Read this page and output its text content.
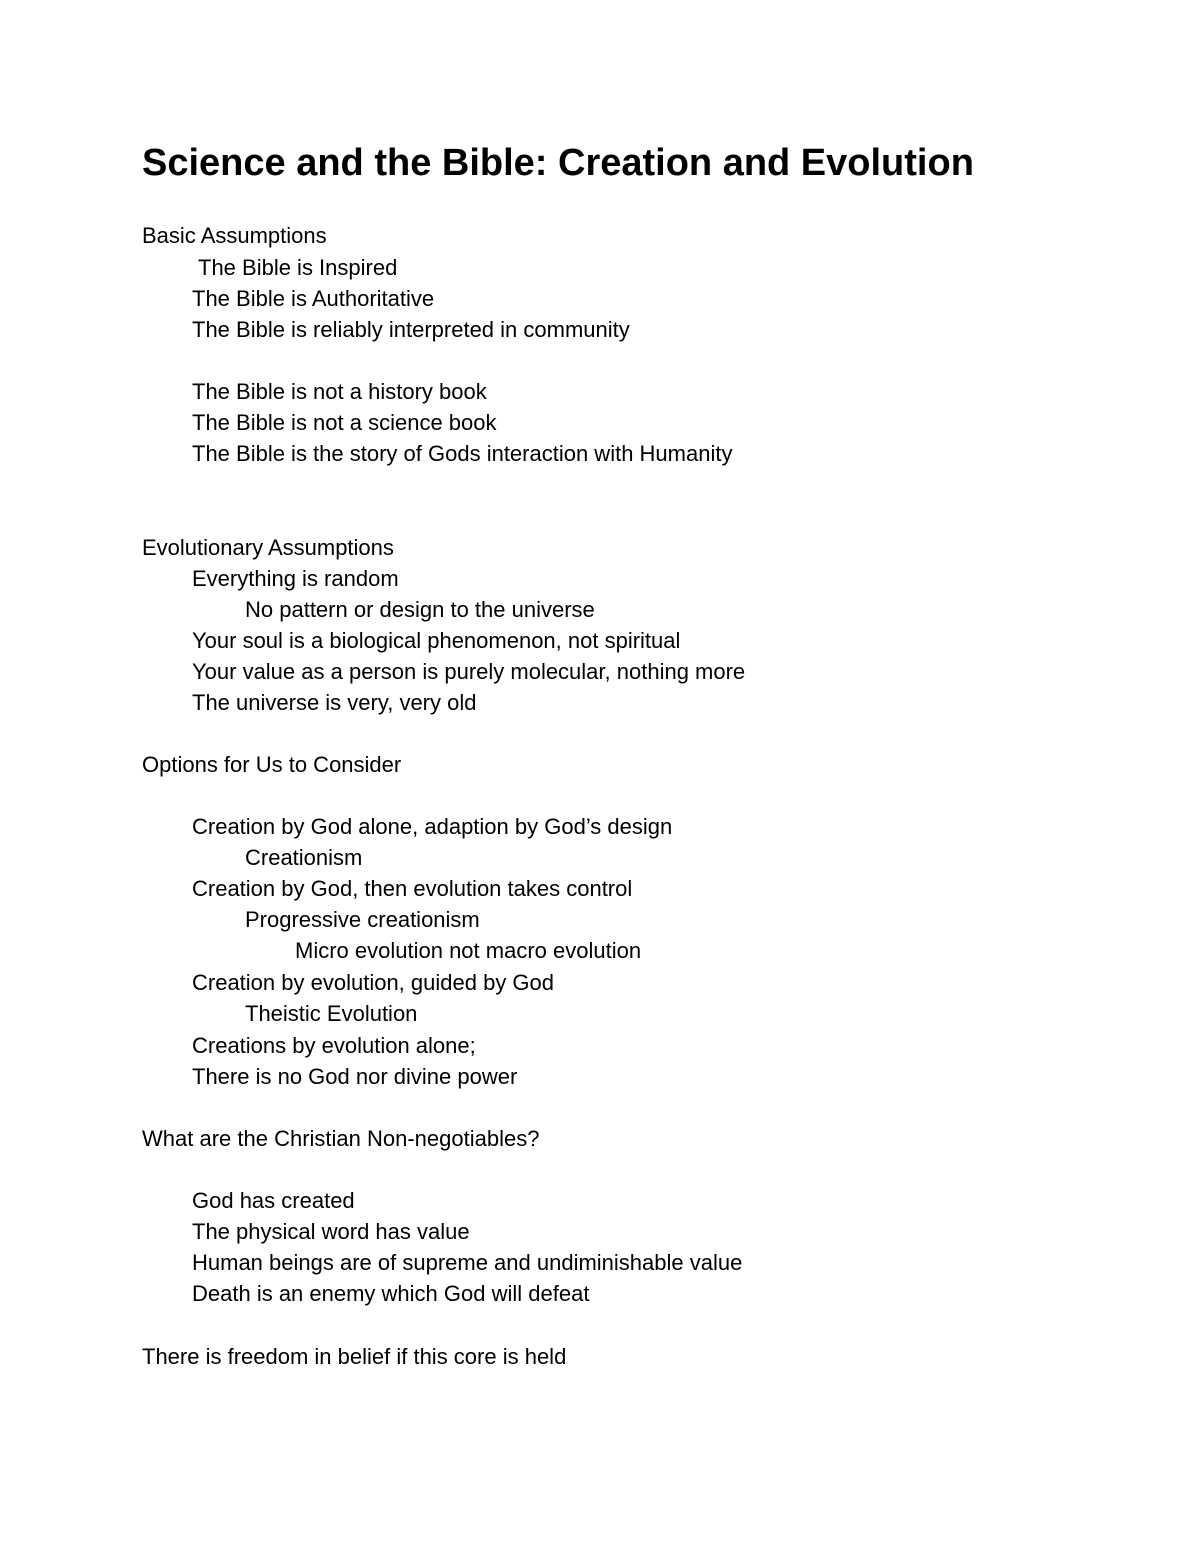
Science and the Bible: Creation and Evolution

Basic Assumptions

The Bible is Inspired

The Bible is Authoritative

The Bible is reliably interpreted in community

The Bible is not a history book

The Bible is not a science book

The Bible is the story of Gods interaction with Humanity

Evolutionary Assumptions

Everything is random

No pattern or design to the universe

Your soul is a biological phenomenon, not spiritual

Your value as a person is purely molecular, nothing more

The universe is very, very old

Options for Us to Consider

Creation by God alone, adaption by God’s design

Creationism

Creation by God, then evolution takes control

Progressive creationism

Micro evolution not macro evolution

Creation by evolution, guided by God

Theistic Evolution

Creations by evolution alone;

There is no God nor divine power

What are the Christian Non-negotiables?

God has created

The physical word has value

Human beings are of supreme and undiminishable value

Death is an enemy which God will defeat

There is freedom in belief if this core is held
